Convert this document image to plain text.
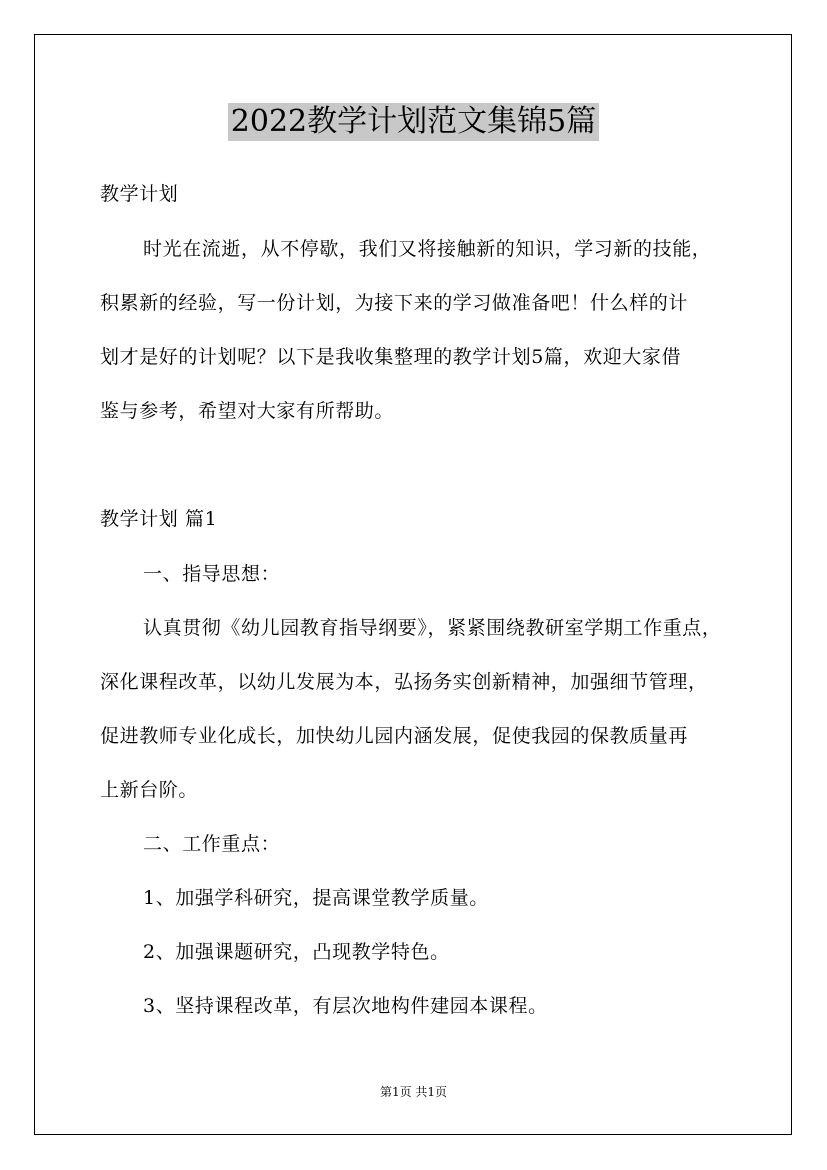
2022教学计划范文集锦5篇
教学计划
时光在流逝，从不停歇，我们又将接触新的知识，学习新的技能，
积累新的经验，写一份计划，为接下来的学习做准备吧！什么样的计
划才是好的计划呢？以下是我收集整理的教学计划5篇，欢迎大家借
鉴与参考，希望对大家有所帮助。
教学计划 篇1
一、指导思想：
认真贯彻《幼儿园教育指导纲要》，紧紧围绕教研室学期工作重点，
深化课程改革，以幼儿发展为本，弘扬务实创新精神，加强细节管理，
促进教师专业化成长，加快幼儿园内涵发展，促使我园的保教质量再
上新台阶。
二、工作重点：
1、加强学科研究，提高课堂教学质量。
2、加强课题研究，凸现教学特色。
3、坚持课程改革，有层次地构件建园本课程。
第1页 共1页
